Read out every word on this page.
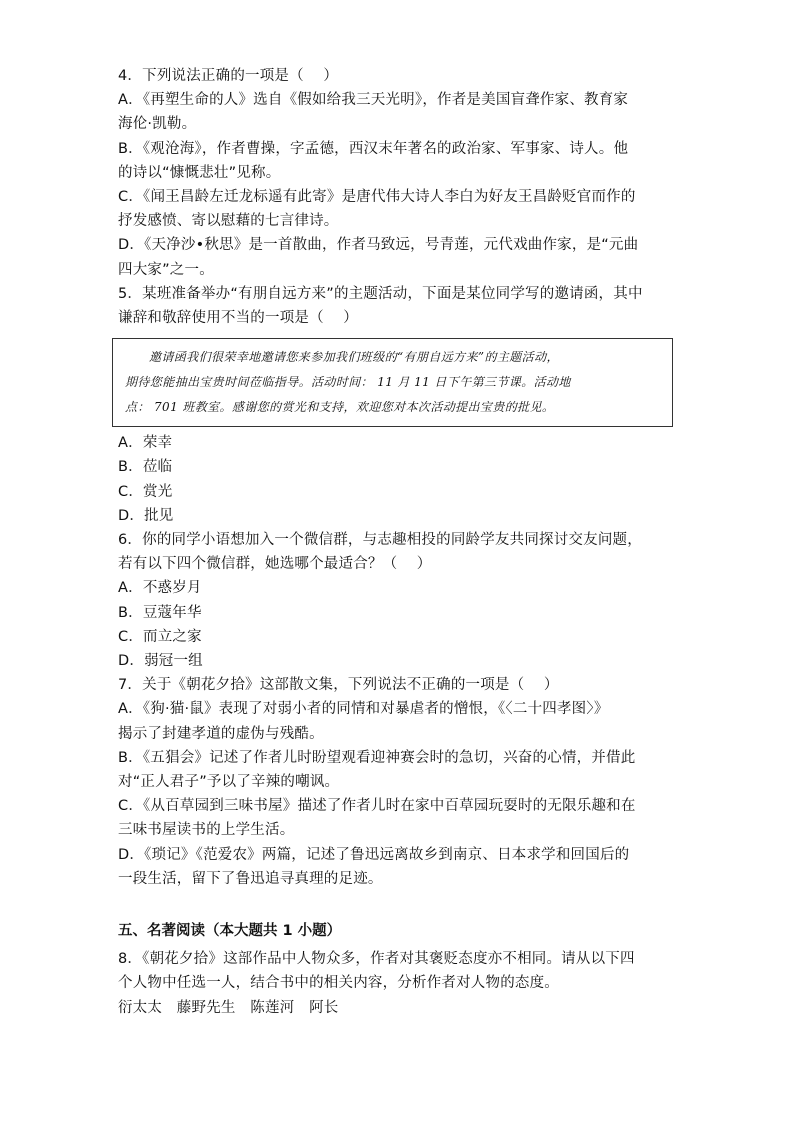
4．下列说法正确的一项是（　 ）
A．《再塑生命的人》选自《假如给我三天光明》，作者是美国盲聋作家、教育家
海伦·凯勒。
B．《观沧海》，作者曹操，字孟德，西汉末年著名的政治家、军事家、诗人。他
的诗以“慷慨悲壮”见称。
C．《闻王昌龄左迁龙标遥有此寄》是唐代伟大诗人李白为好友王昌龄贬官而作的
抒发感愤、寄以慰藉的七言律诗。
D．《天净沙•秋思》是一首散曲，作者马致远，号青莲，元代戏曲作家，是“元曲
四大家”之一。
5．某班准备举办“有朋自远方来”的主题活动，下面是某位同学写的邀请函，其中
谦辞和敬辞使用不当的一项是（　 ）
邀请函我们很荣幸地邀请您来参加我们班级的“有朋自远方来”的主题活动，
期待您能抽出宝贵时间莅临指导。活动时间： 11 月 11 日下午第三节课。活动地
点： 701 班教室。感谢您的赏光和支持，欢迎您对本次活动提出宝贵的批见。
A．荣幸
B．莅临
C．赏光
D．批见
6．你的同学小语想加入一个微信群，与志趣相投的同龄学友共同探讨交友问题，
若有以下四个微信群，她选哪个最适合？（　 ）
A．不惑岁月
B．豆蔻年华
C．而立之家
D．弱冠一组
7．关于《朝花夕拾》这部散文集，下列说法不正确的一项是（　 ）
A．《狗·猫·鼠》表现了对弱小者的同情和对暴虐者的憎恨，《〈二十四孝图〉》
揭示了封建孝道的虚伪与残酷。
B．《五猖会》记述了作者儿时盼望观看迎神赛会时的急切，兴奋的心情，并借此
对“正人君子”予以了辛辣的嘲讽。
C．《从百草园到三味书屋》描述了作者儿时在家中百草园玩耍时的无限乐趣和在
三味书屋读书的上学生活。
D．《琐记》《范爱农》两篇，记述了鲁迅远离故乡到南京、日本求学和回国后的
一段生活，留下了鲁迅追寻真理的足迹。
五、名著阅读（本大题共 1 小题）
8．《朝花夕拾》这部作品中人物众多，作者对其褒贬态度亦不相同。请从以下四
个人物中任选一人，结合书中的相关内容，分析作者对人物的态度。
衍太太　藤野先生　陈莲河　阿长
